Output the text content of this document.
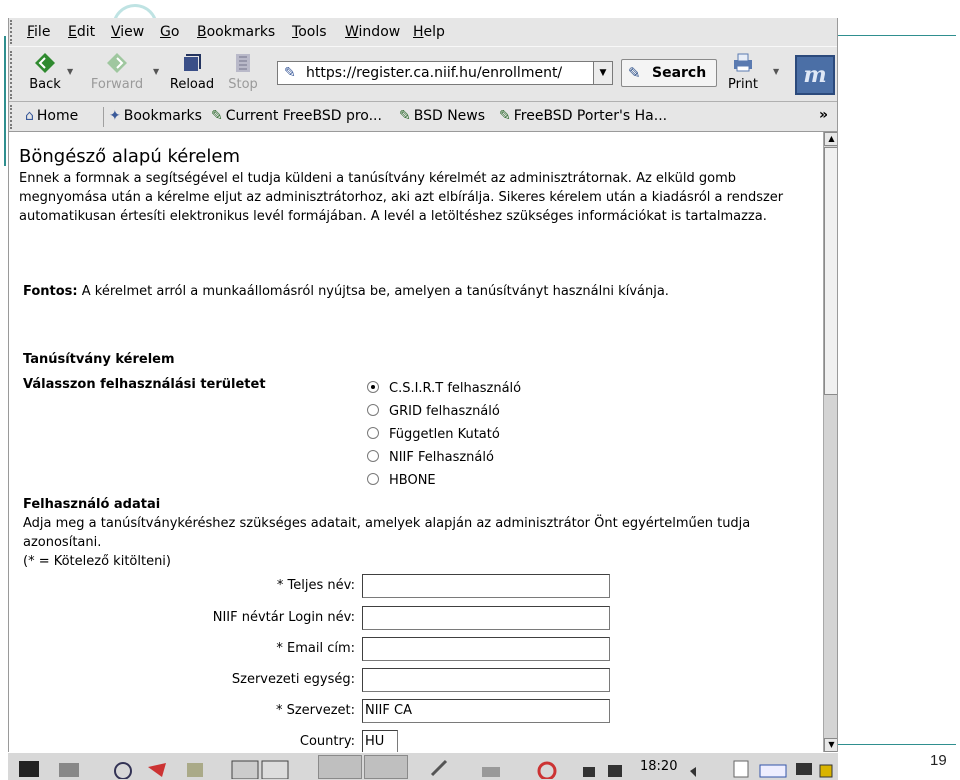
19
File Edit View Go Bookmarks Tools Window Help
Back
▼
Forward
▼
Reload	Stop
✎ https://register.ca.niif.hu/enrollment/	▼	✎ Search
Print
▼	m
⌂ Home ✦ Bookmarks ✎ Current FreeBSD pro... ✎ BSD News ✎ FreeBSD Porter's Ha...	»
Böngésző alapú kérelem
Ennek a formnak a segítségével el tudja küldeni a tanúsítvány kérelmét az adminisztrátornak. Az elküld gomb megnyomása után a kérelme eljut az adminisztrátorhoz, aki azt elbírálja. Sikeres kérelem után a kiadásról a rendszer automatikusan értesíti elektronikus levél formájában. A levél a letöltéshez szükséges információkat is tartalmazza.
Fontos: A kérelmet arról a munkaállomásról nyújtsa be, amelyen a tanúsítványt használni kívánja.
Tanúsítvány kérelem
Válasszon felhasználási területet	C.S.I.R.T felhasználó
GRID felhasználó
Független Kutató
NIIF Felhasználó
HBONE
Felhasználó adatai
Adja meg a tanúsítványkéréshez szükséges adatait, amelyek alapján az adminisztrátor Önt egyértelműen tudja azonosítani.
(* = Kötelező kitölteni)
* Teljes név:
NIIF névtár Login név:
* Email cím:
Szervezeti egység:
* Szervezet: NIIF CA
Country: HU
▲
▼
18:20
